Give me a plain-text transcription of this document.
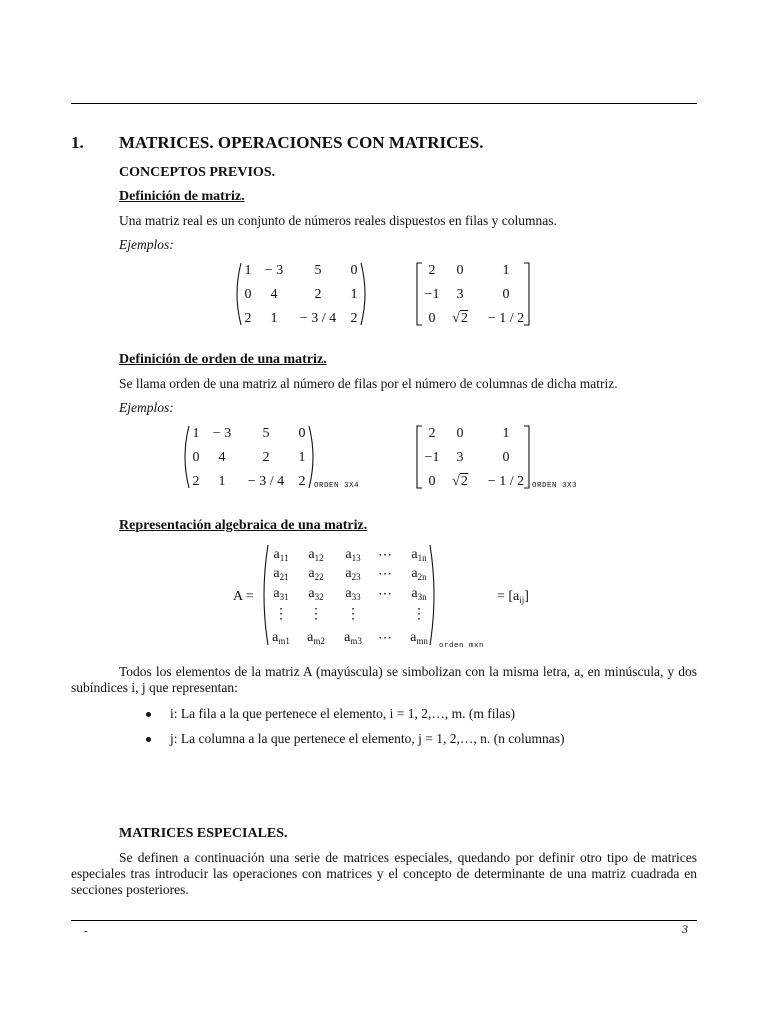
1. MATRICES. OPERACIONES CON MATRICES.
CONCEPTOS PREVIOS.
Definición de matriz.
Una matriz real es un conjunto de números reales dispuestos en filas y columnas.
Ejemplos:
1 − 3 5 0
0 4	2 1
2 1 − 3 / 4 2
2 0	1
−1 3	0
0 √2 − 1 / 2
Definición de orden de una matriz.
Se llama orden de una matriz al número de filas por el número de columnas de dicha matriz.
Ejemplos:
1 − 3 5 0
0 4	2 1
2 1 − 3 / 4 2 ORDEN 3X4
2 0	1
−1 3	0
0 √2 − 1 / 2 ORDEN 3X3
Representación algebraica de una matriz.
A =
$a_{11}$ $a_{12}$ $a_{13}$ ⋯ $a_{1n}$
$a_{21}$ $a_{22}$ $a_{23}$ ⋯ $a_{2n}$
$a_{31}$ $a_{32}$ $a_{33}$ ⋯ $a_{3n}$
⋮ ⋮ ⋮	⋮
$a_{m1}$ $a_{m2}$ $a_{m3}$ ⋯ $a_{mn}$ orden mxn
= $[a_{ij}]$
Todos los elementos de la matriz A (mayúscula) se simbolizan con la misma letra, a, en minúscula, y dos subíndices i, j que representan:
i: La fila a la que pertenece el elemento, i = 1, 2,…, m. (m filas)
j: La columna a la que pertenece el elemento, j = 1, 2,…, n. (n columnas)
MATRICES ESPECIALES.
Se definen a continuación una serie de matrices especiales, quedando por definir otro tipo de matrices especiales tras introducir las operaciones con matrices y el concepto de determinante de una matriz cuadrada en secciones posteriores.
-	3
